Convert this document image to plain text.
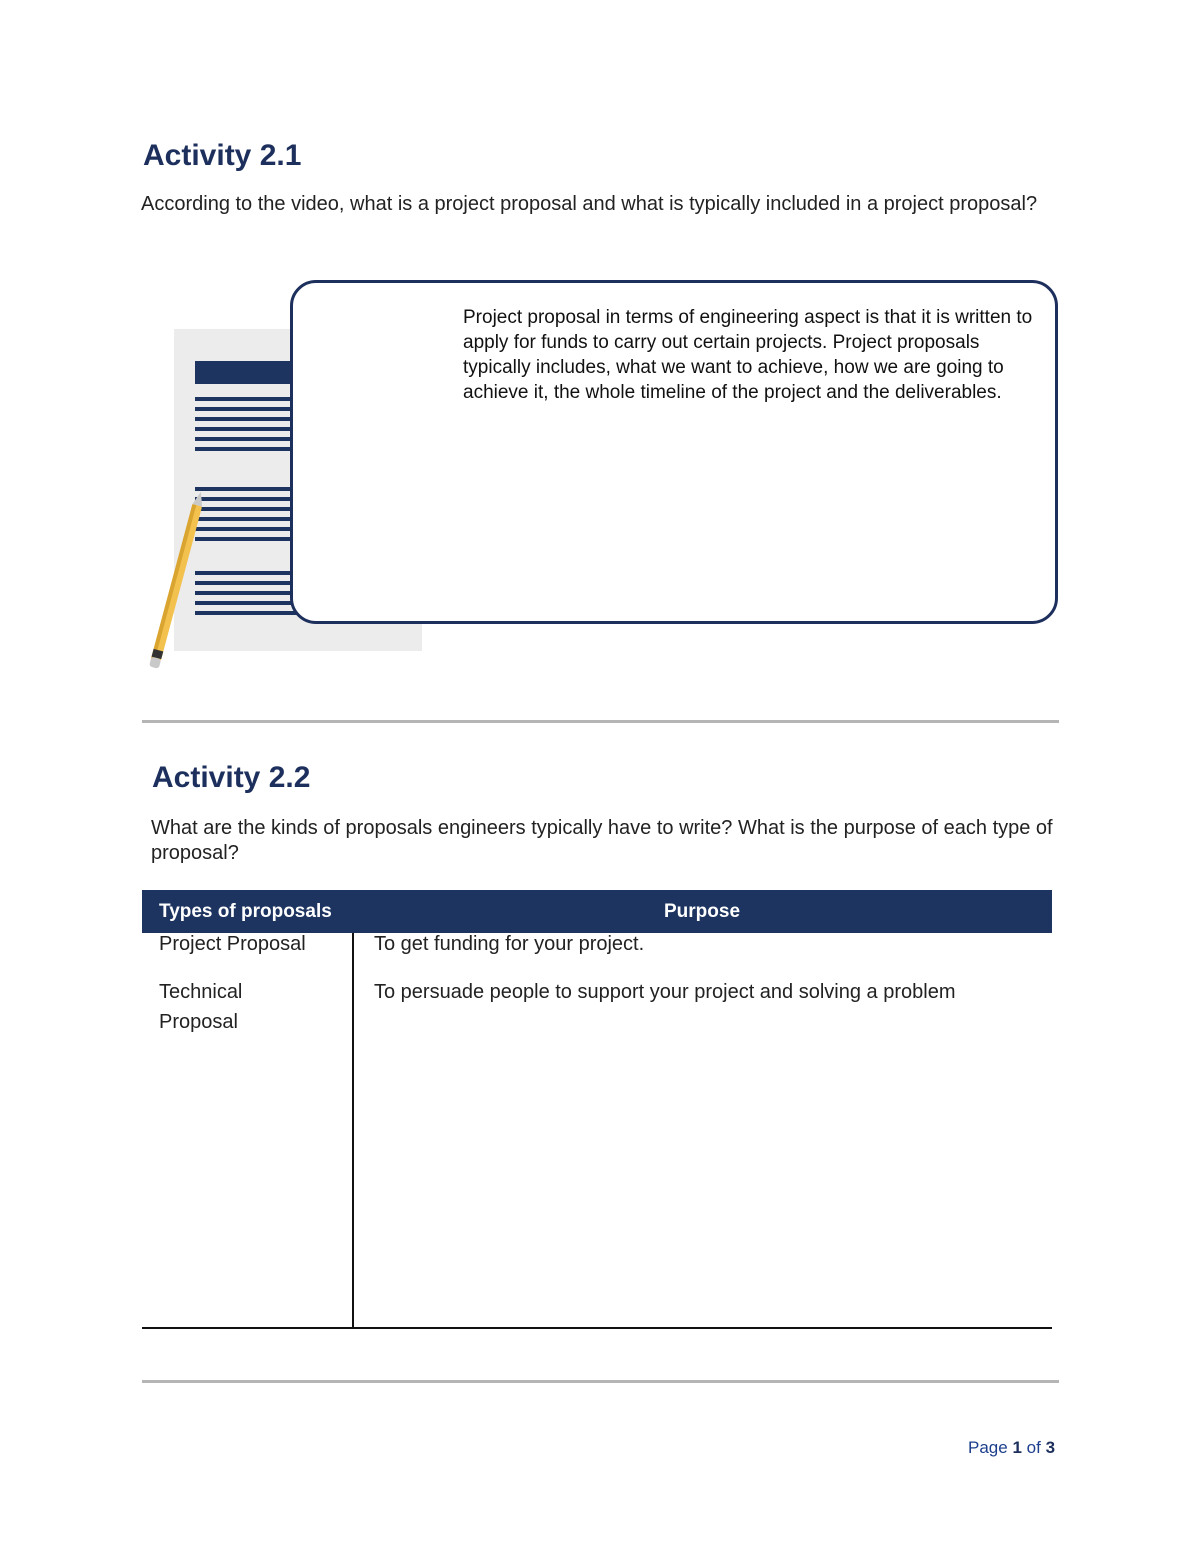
Activity 2.1
According to the video, what is a project proposal and what is typically included in a project proposal?
Project proposal in terms of engineering aspect is that it is written to apply for funds to carry out certain projects. Project proposals typically includes, what we want to achieve, how we are going to achieve it, the whole timeline of the project and the deliverables.
Activity 2.2
What are the kinds of proposals engineers typically have to write? What is the purpose of each type of proposal?
Types of proposals	Purpose
Project Proposal	To get funding for your project.
Technical Proposal
To persuade people to support your project and solving a problem
Page 1 of 3
